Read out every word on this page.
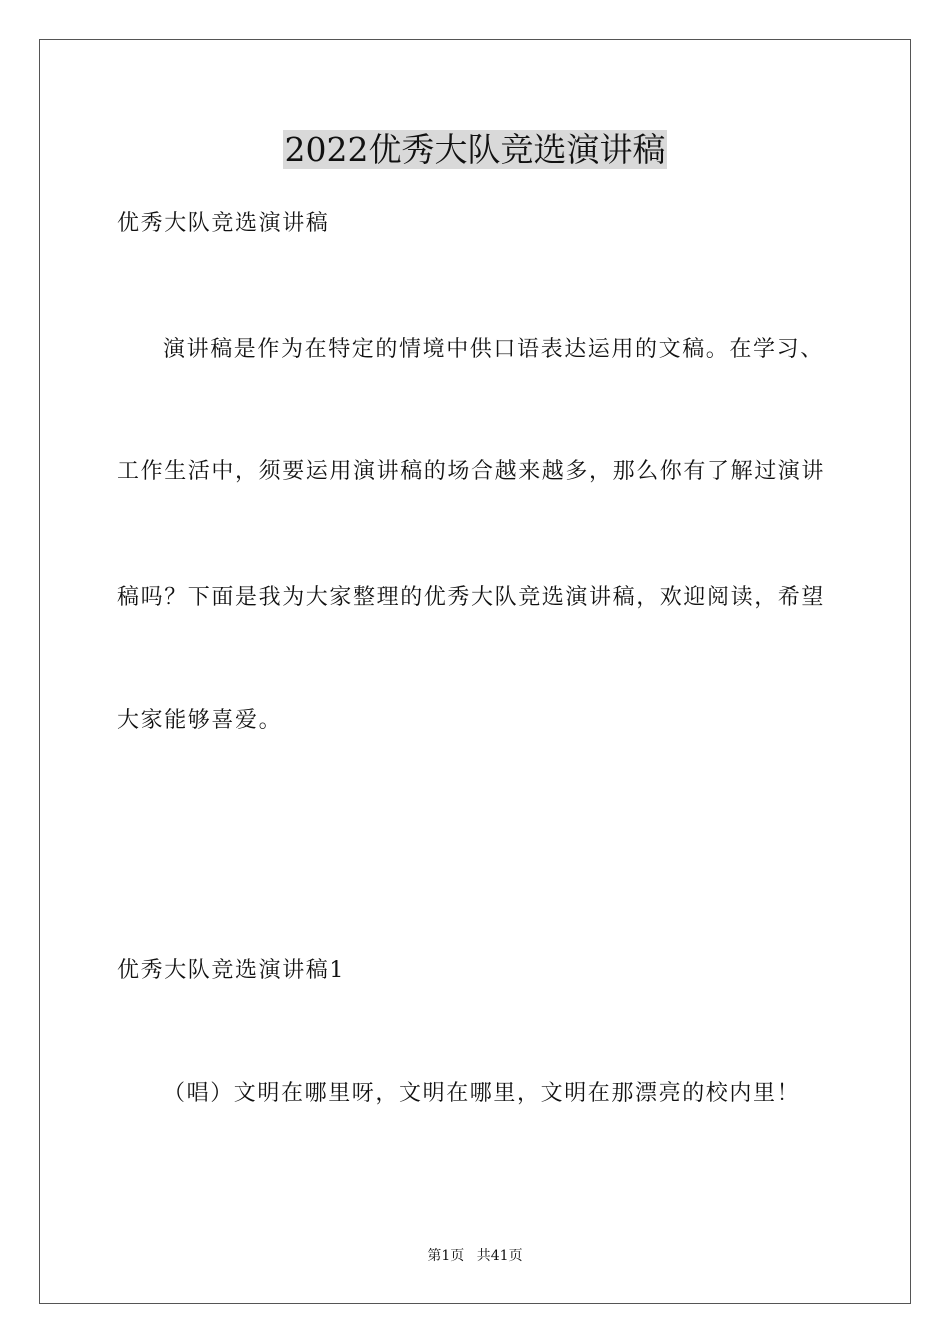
2022优秀大队竞选演讲稿

优秀大队竞选演讲稿

演讲稿是作为在特定的情境中供口语表达运用的文稿。在学习、

工作生活中，须要运用演讲稿的场合越来越多，那么你有了解过演讲

稿吗？下面是我为大家整理的优秀大队竞选演讲稿，欢迎阅读，希望

大家能够喜爱。

优秀大队竞选演讲稿1

（唱）文明在哪里呀，文明在哪里，文明在那漂亮的校内里！

第1页 共41页
